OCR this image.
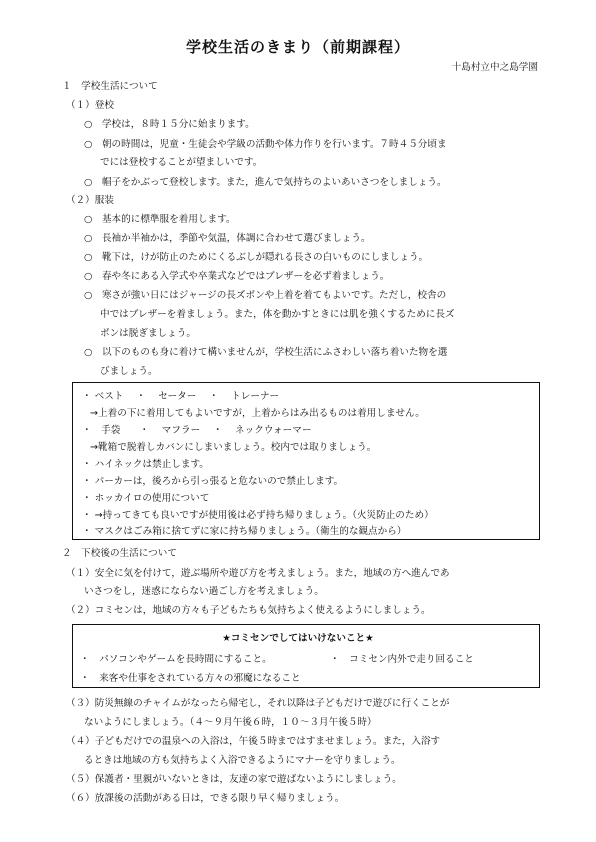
学校生活のきまり（前期課程）
十島村立中之島学園
１　学校生活について
（１）登校
○　学校は，８時１５分に始まります。
○　朝の時間は，児童・生徒会や学級の活動や体力作りを行います。７時４５分頃ま
でには登校することが望ましいです。
○　帽子をかぶって登校します。また，進んで気持ちのよいあいさつをしましょう。
（２）服装
○　基本的に標準服を着用します。
○　長袖か半袖かは，季節や気温，体調に合わせて選びましょう。
○　靴下は，けが防止のためにくるぶしが隠れる長さの白いものにしましょう。
○　春や冬にある入学式や卒業式などではブレザーを必ず着ましょう。
○　寒さが強い日にはジャージの長ズボンや上着を着てもよいです。ただし，校舎の
中ではブレザーを着ましょう。また，体を動かすときには肌を強くするために長ズ
ボンは脱ぎましょう。
○　以下のものも身に着けて構いませんが，学校生活にふさわしい落ち着いた物を選
びましょう。
・ ベスト　 ・　 セーター　 ・　 トレーナー
→上着の下に着用してもよいですが，上着からはみ出るものは着用しません。
・　手袋　　・　 マフラー　 ・　 ネックウォーマー
→靴箱で脱着しカバンにしまいましょう。校内では取りましょう。
・ ハイネックは禁止します。
・ パーカーは，後ろから引っ張ると危ないので禁止します。
・ ホッカイロの使用について
・ →持ってきても良いですが使用後は必ず持ち帰りましょう。（火災防止のため）
・ マスクはごみ箱に捨てずに家に持ち帰りましょう。（衛生的な観点から）
２　下校後の生活について
（１）安全に気を付けて，遊ぶ場所や遊び方を考えましょう。また，地域の方へ進んであ
いさつをし，迷惑にならない過ごし方を考えましょう。
（２）コミセンは，地域の方々も子どもたちも気持ちよく使えるようにしましょう。
★コミセンでしてはいけないこと★
・　パソコンやゲームを長時間にすること。	・　コミセン内外で走り回ること
・　来客や仕事をされている方々の邪魔になること
（３）防災無線のチャイムがなったら帰宅し，それ以降は子どもだけで遊びに行くことが
ないようにしましょう。（４～９月午後６時，１０～３月午後５時）
（４）子どもだけでの温泉への入浴は，午後５時まではすませましょう。また，入浴す
るときは地域の方も気持ちよく入浴できるようにマナーを守りましょう。
（５）保護者・里親がいないときは，友達の家で遊ばないようにしましょう。
（６）放課後の活動がある日は，できる限り早く帰りましょう。
